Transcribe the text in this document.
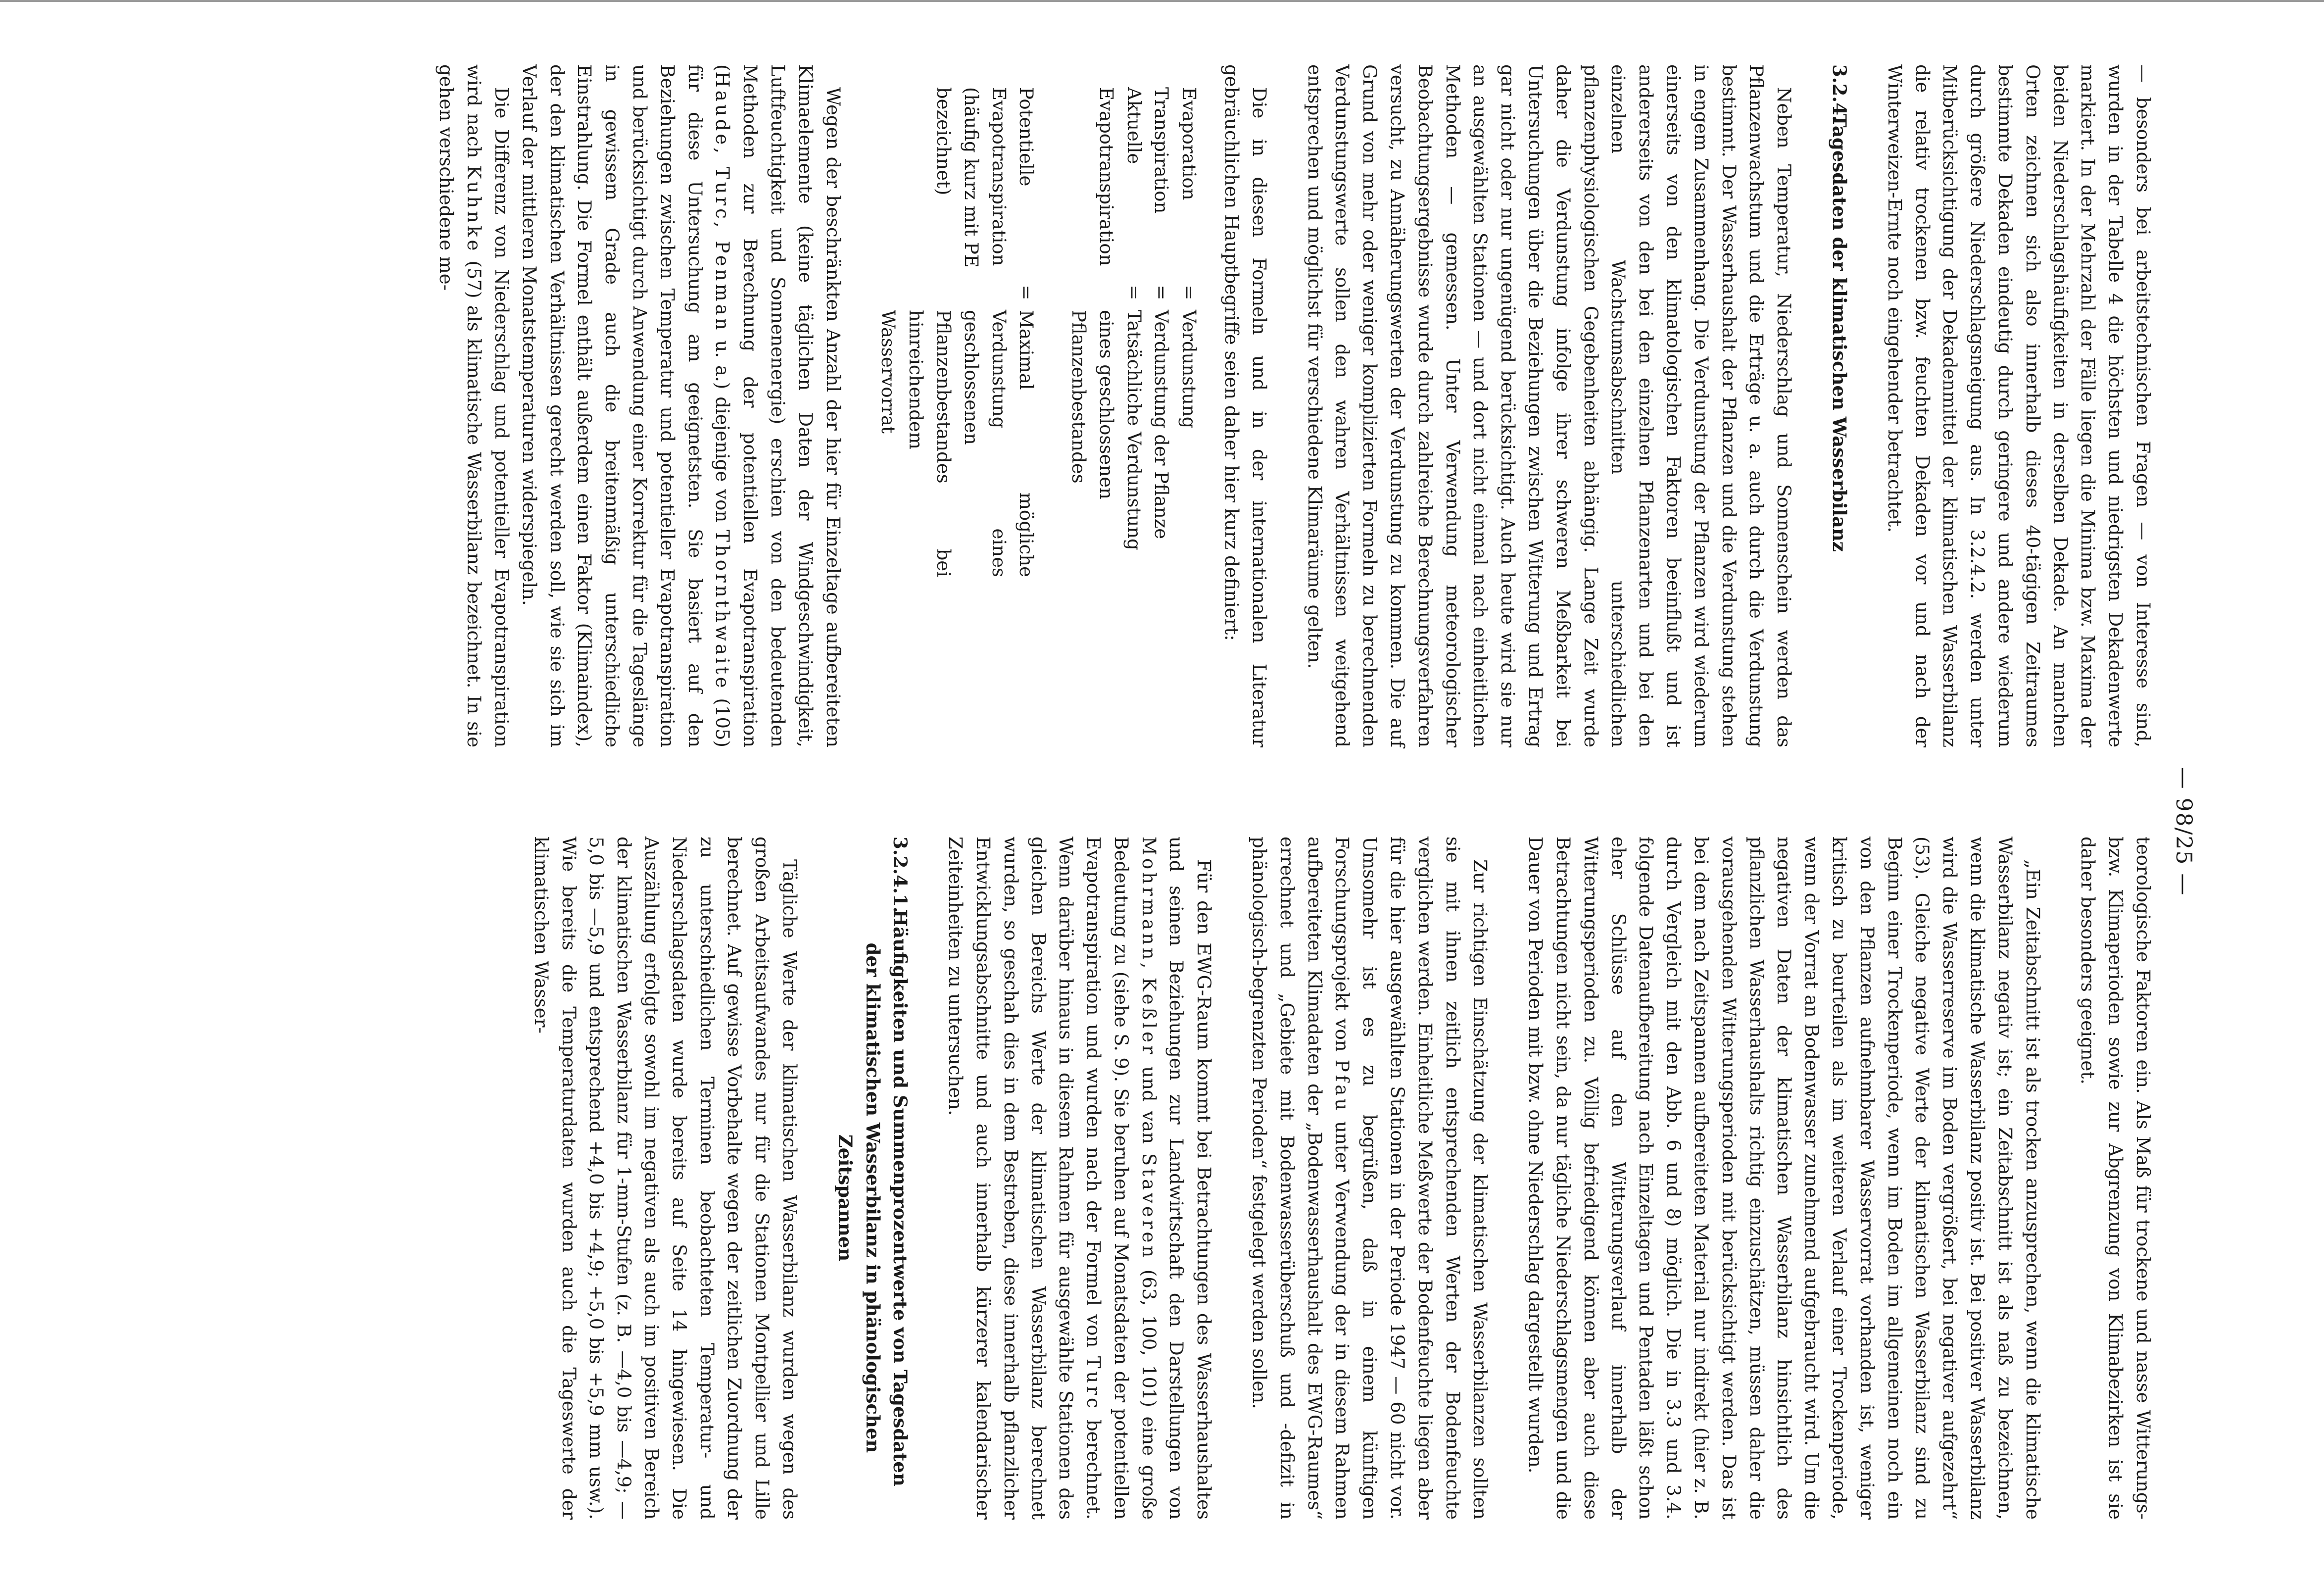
— 98/25 —

— besonders bei arbeitstechnischen Fragen — von Interesse sind, wurden in der Tabelle 4 die höchsten und niedrigsten Dekadenwerte markiert. In der Mehrzahl der Fälle liegen die Minima bzw. Maxima der beiden Niederschlagshäufigkeiten in derselben Dekade. An manchen Orten zeichnen sich also innerhalb dieses 40-tägigen Zeitraumes bestimmte Dekaden eindeutig durch geringere und andere wiederum durch größere Niederschlagsneigung aus. In 3.2.4.2. werden unter Mitberücksichtigung der Dekadenmittel der klimatischen Wasserbilanz die relativ trockenen bzw. feuchten Dekaden vor und nach der Winterweizen-Ernte noch eingehender betrachtet.

3.2.4.Tagesdaten der klimatischen Wasserbilanz

Neben Temperatur, Niederschlag und Sonnenschein werden das Pflanzenwachstum und die Erträge u. a. auch durch die Verdunstung bestimmt. Der Wasserhaushalt der Pflanzen und die Verdunstung stehen in engem Zusammenhang. Die Verdunstung der Pflanzen wird wiederum einerseits von den klimatologischen Faktoren beeinflußt und ist andererseits von den bei den einzelnen Pflanzenarten und bei den einzelnen Wachstumsabschnitten unterschiedlichen pflanzenphysiologischen Gegebenheiten abhängig. Lange Zeit wurde daher die Verdunstung infolge ihrer schweren Meßbarkeit bei Untersuchungen über die Beziehungen zwischen Witterung und Ertrag gar nicht oder nur ungenügend berücksichtigt. Auch heute wird sie nur an ausgewählten Stationen — und dort nicht einmal nach einheitlichen Methoden — gemessen. Unter Verwendung meteorologischer Beobachtungsergebnisse wurde durch zahlreiche Berechnungsverfahren versucht, zu Annäherungswerten der Verdunstung zu kommen. Die auf Grund von mehr oder weniger komplizierten Formeln zu berechnenden Verdunstungswerte sollen den wahren Verhältnissen weitgehend entsprechen und möglichst für verschiedene Klimaräume gelten.

Die in diesen Formeln und in der internationalen Literatur gebräuchlichen Hauptbegriffe seien daher hier kurz definiert:

Evaporation
=
Verdunstung
Transpiration
=
Verdunstung der Pflanze
Aktuelle
Evapotranspiration
=
Tatsächliche Verdunstung
eines geschlossenen
Pflanzenbestandes
Potentielle
Evapotranspiration
(häufig kurz mit PE
bezeichnet)
=
Maximal mögliche Verdunstung eines geschlossenen
Pflanzenbestandes bei hinreichendem Wasservorrat

Wegen der beschränkten Anzahl der hier für Einzeltage aufbereiteten Klimaelemente (keine täglichen Daten der Windgeschwindigkeit, Luftfeuchtigkeit und Sonnenenergie) erschien von den bedeutenden Methoden zur Berechnung der potentiellen Evapotranspiration (Haude, Turc, Penman u. a.) diejenige von Thornthwaite (105) für diese Untersuchung am geeignetsten. Sie basiert auf den Beziehungen zwischen Temperatur und potentieller Evapotranspiration und berücksichtigt durch Anwendung einer Korrektur für die Tageslänge in gewissem Grade auch die breitenmäßig unterschiedliche Einstrahlung. Die Formel enthält außerdem einen Faktor (Klimaindex), der den klimatischen Verhältnissen gerecht werden soll, wie sie sich im Verlauf der mittleren Monatstemperaturen widerspiegeln.

Die Differenz von Niederschlag und potentieller Evapotranspiration wird nach Kuhnke (57) als klimatische Wasserbilanz bezeichnet. In sie gehen verschiedene me-

teorologische Faktoren ein. Als Maß für trockene und nasse Witterungs- bzw. Klimaperioden sowie zur Abgrenzung von Klimabezirken ist sie daher besonders geeignet.

„Ein Zeitabschnitt ist als trocken anzusprechen, wenn die klimatische Wasserbilanz negativ ist; ein Zeitabschnitt ist als naß zu bezeichnen, wenn die klimatische Wasserbilanz positiv ist. Bei positiver Wasserbilanz wird die Wasserreserve im Boden vergrößert, bei negativer aufgezehrt“ (53). Gleiche negative Werte der klimatischen Wasserbilanz sind zu Beginn einer Trockenperiode, wenn im Boden im allgemeinen noch ein von den Pflanzen aufnehmbarer Wasservorrat vorhanden ist, weniger kritisch zu beurteilen als im weiteren Verlauf einer Trockenperiode, wenn der Vorrat an Bodenwasser zunehmend aufgebraucht wird. Um die negativen Daten der klimatischen Wasserbilanz hinsichtlich des pflanzlichen Wasserhaushalts richtig einzuschätzen, müssen daher die vorausgehenden Witterungsperioden mit berücksichtigt werden. Das ist bei dem nach Zeitspannen aufbereiteten Material nur indirekt (hier z. B. durch Vergleich mit den Abb. 6 und 8) möglich. Die in 3.3 und 3.4. folgende Datenaufbereitung nach Einzeltagen und Pentaden läßt schon eher Schlüsse auf den Witterungsverlauf innerhalb der Witterungsperioden zu. Völlig befriedigend können aber auch diese Betrachtungen nicht sein, da nur tägliche Niederschlagsmengen und die Dauer von Perioden mit bzw. ohne Niederschlag dargestellt wurden.

Zur richtigen Einschätzung der klimatischen Wasserbilanzen sollten sie mit ihnen zeitlich entsprechenden Werten der Bodenfeuchte verglichen werden. Einheitliche Meßwerte der Bodenfeuchte liegen aber für die hier ausgewählten Stationen in der Periode 1947 — 60 nicht vor. Umsomehr ist es zu begrüßen, daß in einem künftigen Forschungsprojekt von Pfau unter Verwendung der in diesem Rahmen aufbereiteten Klimadaten der „Bodenwasserhaushalt des EWG-Raumes“ errechnet und „Gebiete mit Bodenwasserüberschuß und -defizit in phänologisch-begrenzten Perioden“ festgelegt werden sollen.

Für den EWG-Raum kommt bei Betrachtungen des Wasserhaushaltes und seinen Beziehungen zur Landwirtschaft den Darstellungen von Mohrmann, Keßler und van Staveren (63, 100, 101) eine große Bedeutung zu (siehe S. 9). Sie beruhen auf Monatsdaten der potentiellen Evapotranspiration und wurden nach der Formel von Turc berechnet. Wenn darüber hinaus in diesem Rahmen für ausgewählte Stationen des gleichen Bereichs Werte der klimatischen Wasserbilanz berechnet wurden, so geschah dies in dem Bestreben, diese innerhalb pflanzlicher Entwicklungsabschnitte und auch innerhalb kürzerer kalendarischer Zeiteinheiten zu untersuchen.

3.2.4.1.Häufigkeiten und Summenprozentwerte von Tagesdaten der klimatischen Wasserbilanz in phänologischen Zeitspannen

Tägliche Werte der klimatischen Wasserbilanz wurden wegen des großen Arbeitsaufwandes nur für die Stationen Montpellier und Lille berechnet. Auf gewisse Vorbehalte wegen der zeitlichen Zuordnung der zu unterschiedlichen Terminen beobachteten Temperatur- und Niederschlagsdaten wurde bereits auf Seite 14 hingewiesen. Die Auszählung erfolgte sowohl im negativen als auch im positiven Bereich der klimatischen Wasserbilanz für 1-mm-Stufen (z. B. —4,0 bis —4,9; —5,0 bis —5,9 und entsprechend +4,0 bis +4,9; +5,0 bis +5,9 mm usw.). Wie bereits die Temperaturdaten wurden auch die Tageswerte der klimatischen Wasser-
